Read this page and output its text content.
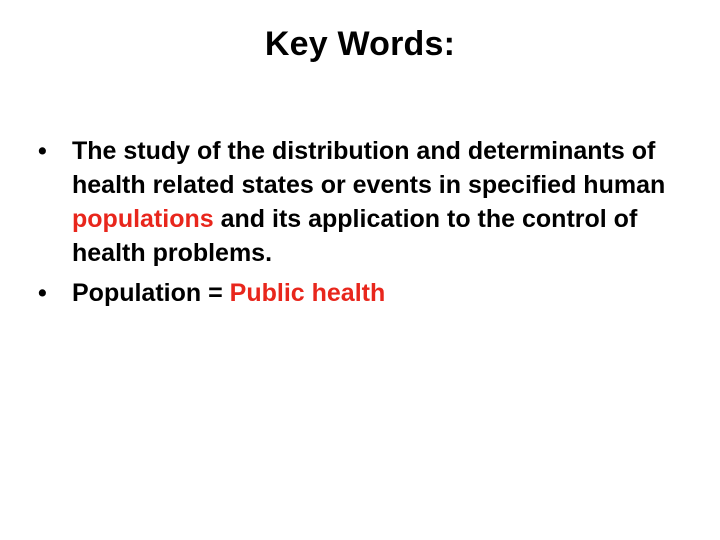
Key Words:
•	The study of the distribution and determinants of health related states or events in specified human populations and its application to the control of health problems.
•	Population = Public health
